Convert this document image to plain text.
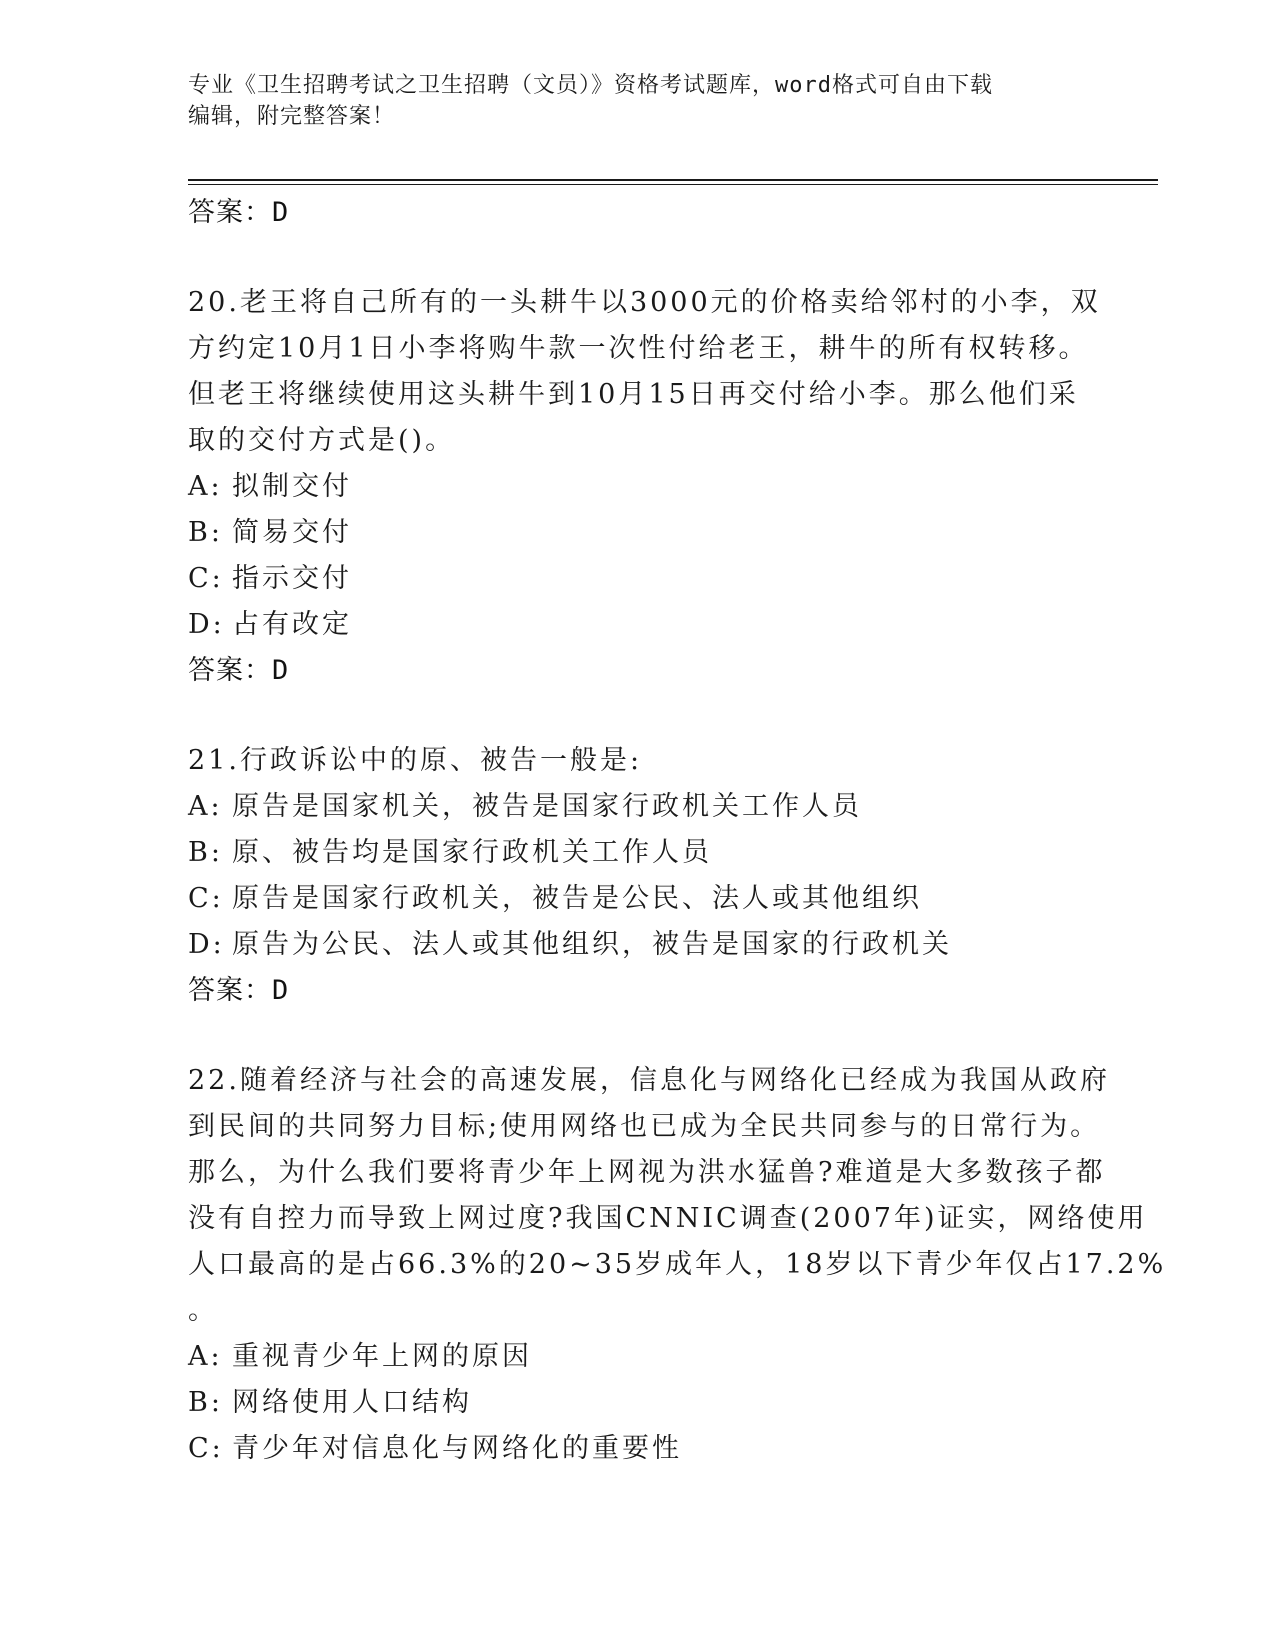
专业《卫生招聘考试之卫生招聘（文员）》资格考试题库，word格式可自由下载
编辑，附完整答案！
答案：D
20.老王将自己所有的一头耕牛以3000元的价格卖给邻村的小李，双
方约定10月1日小李将购牛款一次性付给老王，耕牛的所有权转移。
但老王将继续使用这头耕牛到10月15日再交付给小李。那么他们采
取的交付方式是()。
A: 拟制交付
B: 简易交付
C: 指示交付
D: 占有改定
答案：D
21.行政诉讼中的原、被告一般是:
A: 原告是国家机关，被告是国家行政机关工作人员
B: 原、被告均是国家行政机关工作人员
C: 原告是国家行政机关，被告是公民、法人或其他组织
D: 原告为公民、法人或其他组织，被告是国家的行政机关
答案：D
22.随着经济与社会的高速发展，信息化与网络化已经成为我国从政府
到民间的共同努力目标;使用网络也已成为全民共同参与的日常行为。
那么，为什么我们要将青少年上网视为洪水猛兽?难道是大多数孩子都
没有自控力而导致上网过度?我国CNNIC调查(2007年)证实，网络使用
人口最高的是占66.3%的20~35岁成年人，18岁以下青少年仅占17.2%
。
A: 重视青少年上网的原因
B: 网络使用人口结构
C: 青少年对信息化与网络化的重要性
